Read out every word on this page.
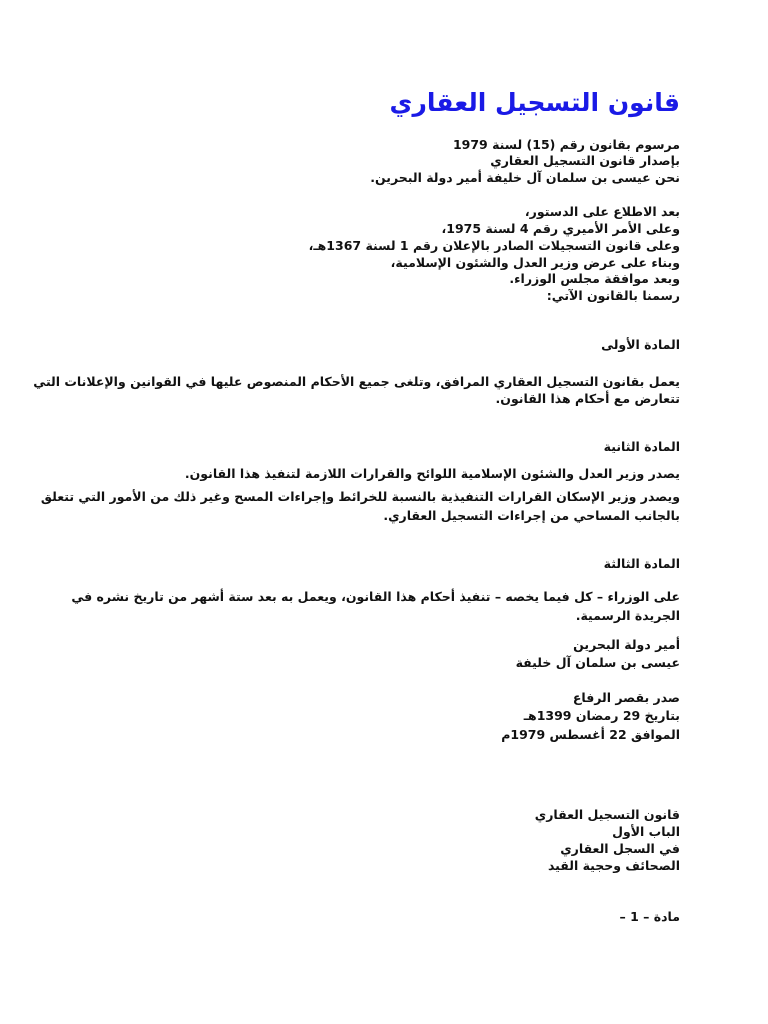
قانون التسجيل العقاري
مرسوم بقانون رقم (15) لسنة 1979
بإصدار قانون التسجيل العقاري
نحن عيسى بن سلمان آل خليفة أمير دولة البحرين.
بعد الاطلاع على الدستور،
وعلى الأمر الأميري رقم 4 لسنة 1975،
وعلى قانون التسجيلات الصادر بالإعلان رقم 1 لسنة 1367هـ،
وبناء على عرض وزير العدل والشئون الإسلامية،
وبعد موافقة مجلس الوزراء.
رسمنا بالقانون الآتي:
المادة الأولى
يعمل بقانون التسجيل العقاري المرافق، وتلغى جميع الأحكام المنصوص عليها في القوانين والإعلانات التي
تتعارض مع أحكام هذا القانون.
المادة الثانية
يصدر وزير العدل والشئون الإسلامية اللوائح والقرارات اللازمة لتنفيذ هذا القانون.
ويصدر وزير الإسكان القرارات التنفيذية بالنسبة للخرائط وإجراءات المسح وغير ذلك من الأمور التي تتعلق
بالجانب المساحي من إجراءات التسجيل العقاري.
المادة الثالثة
على الوزراء – كل فيما يخصه – تنفيذ أحكام هذا القانون، ويعمل به بعد ستة أشهر من تاريخ نشره في
الجريدة الرسمية.
أمير دولة البحرين
عيسى بن سلمان آل خليفة
صدر بقصر الرفاع
بتاريخ 29 رمضان 1399هـ
الموافق 22 أغسطس 1979م
قانون التسجيل العقاري
الباب الأول
في السجل العقاري
الصحائف وحجية القيد
مادة – 1 –
